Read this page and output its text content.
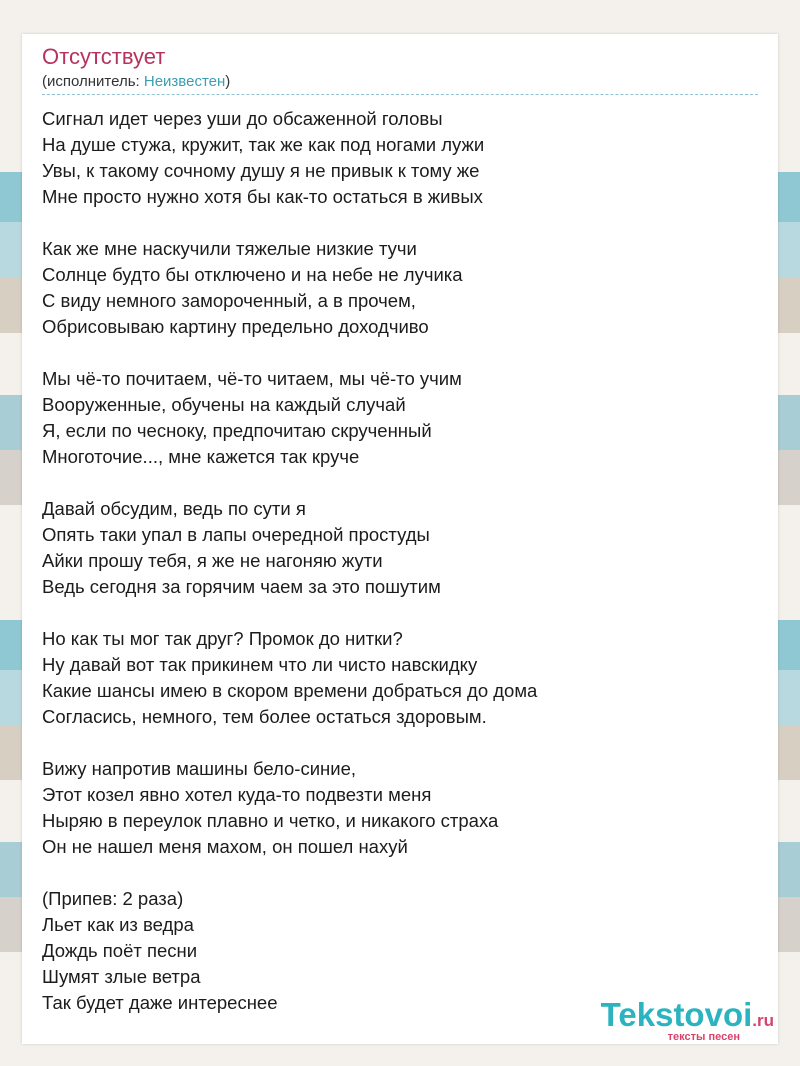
Отсутствует
(исполнитель: Неизвестен)
Сигнал идет через уши до обсаженной головы
На душе стужа, кружит, так же как под ногами лужи
Увы, к такому сочному душу я не привык к тому же
Мне просто нужно хотя бы как-то остаться в живых
Как же мне наскучили тяжелые низкие тучи
Солнце будто бы отключено и на небе не лучика
С виду немного замороченный, а в прочем,
Обрисовываю картину предельно доходчиво
Мы чё-то почитаем, чё-то читаем, мы чё-то учим
Вооруженные, обучены на каждый случай
Я, если по чесноку, предпочитаю скрученный
Многоточие..., мне кажется так круче
Давай обсудим, ведь по сути я
Опять таки упал в лапы очередной простуды
Айки прошу тебя, я же не нагоняю жути
Ведь сегодня за горячим чаем за это пошутим
Но как ты мог так друг? Промок до нитки?
Ну давай вот так прикинем что ли чисто навскидку
Какие шансы имею в скором времени добраться до дома
Согласись, немного, тем более остаться здоровым.
Вижу напротив машины бело-синие,
Этот козел явно хотел куда-то подвезти меня
Ныряю в переулок плавно и четко, и никакого страха
Он не нашел меня махом, он пошел нахуй
(Припев: 2 раза)
Льет как из ведра
Дождь поёт песни
Шумят злые ветра
Так будет даже интереснее	Tekstovoi.ru
тексты песен
